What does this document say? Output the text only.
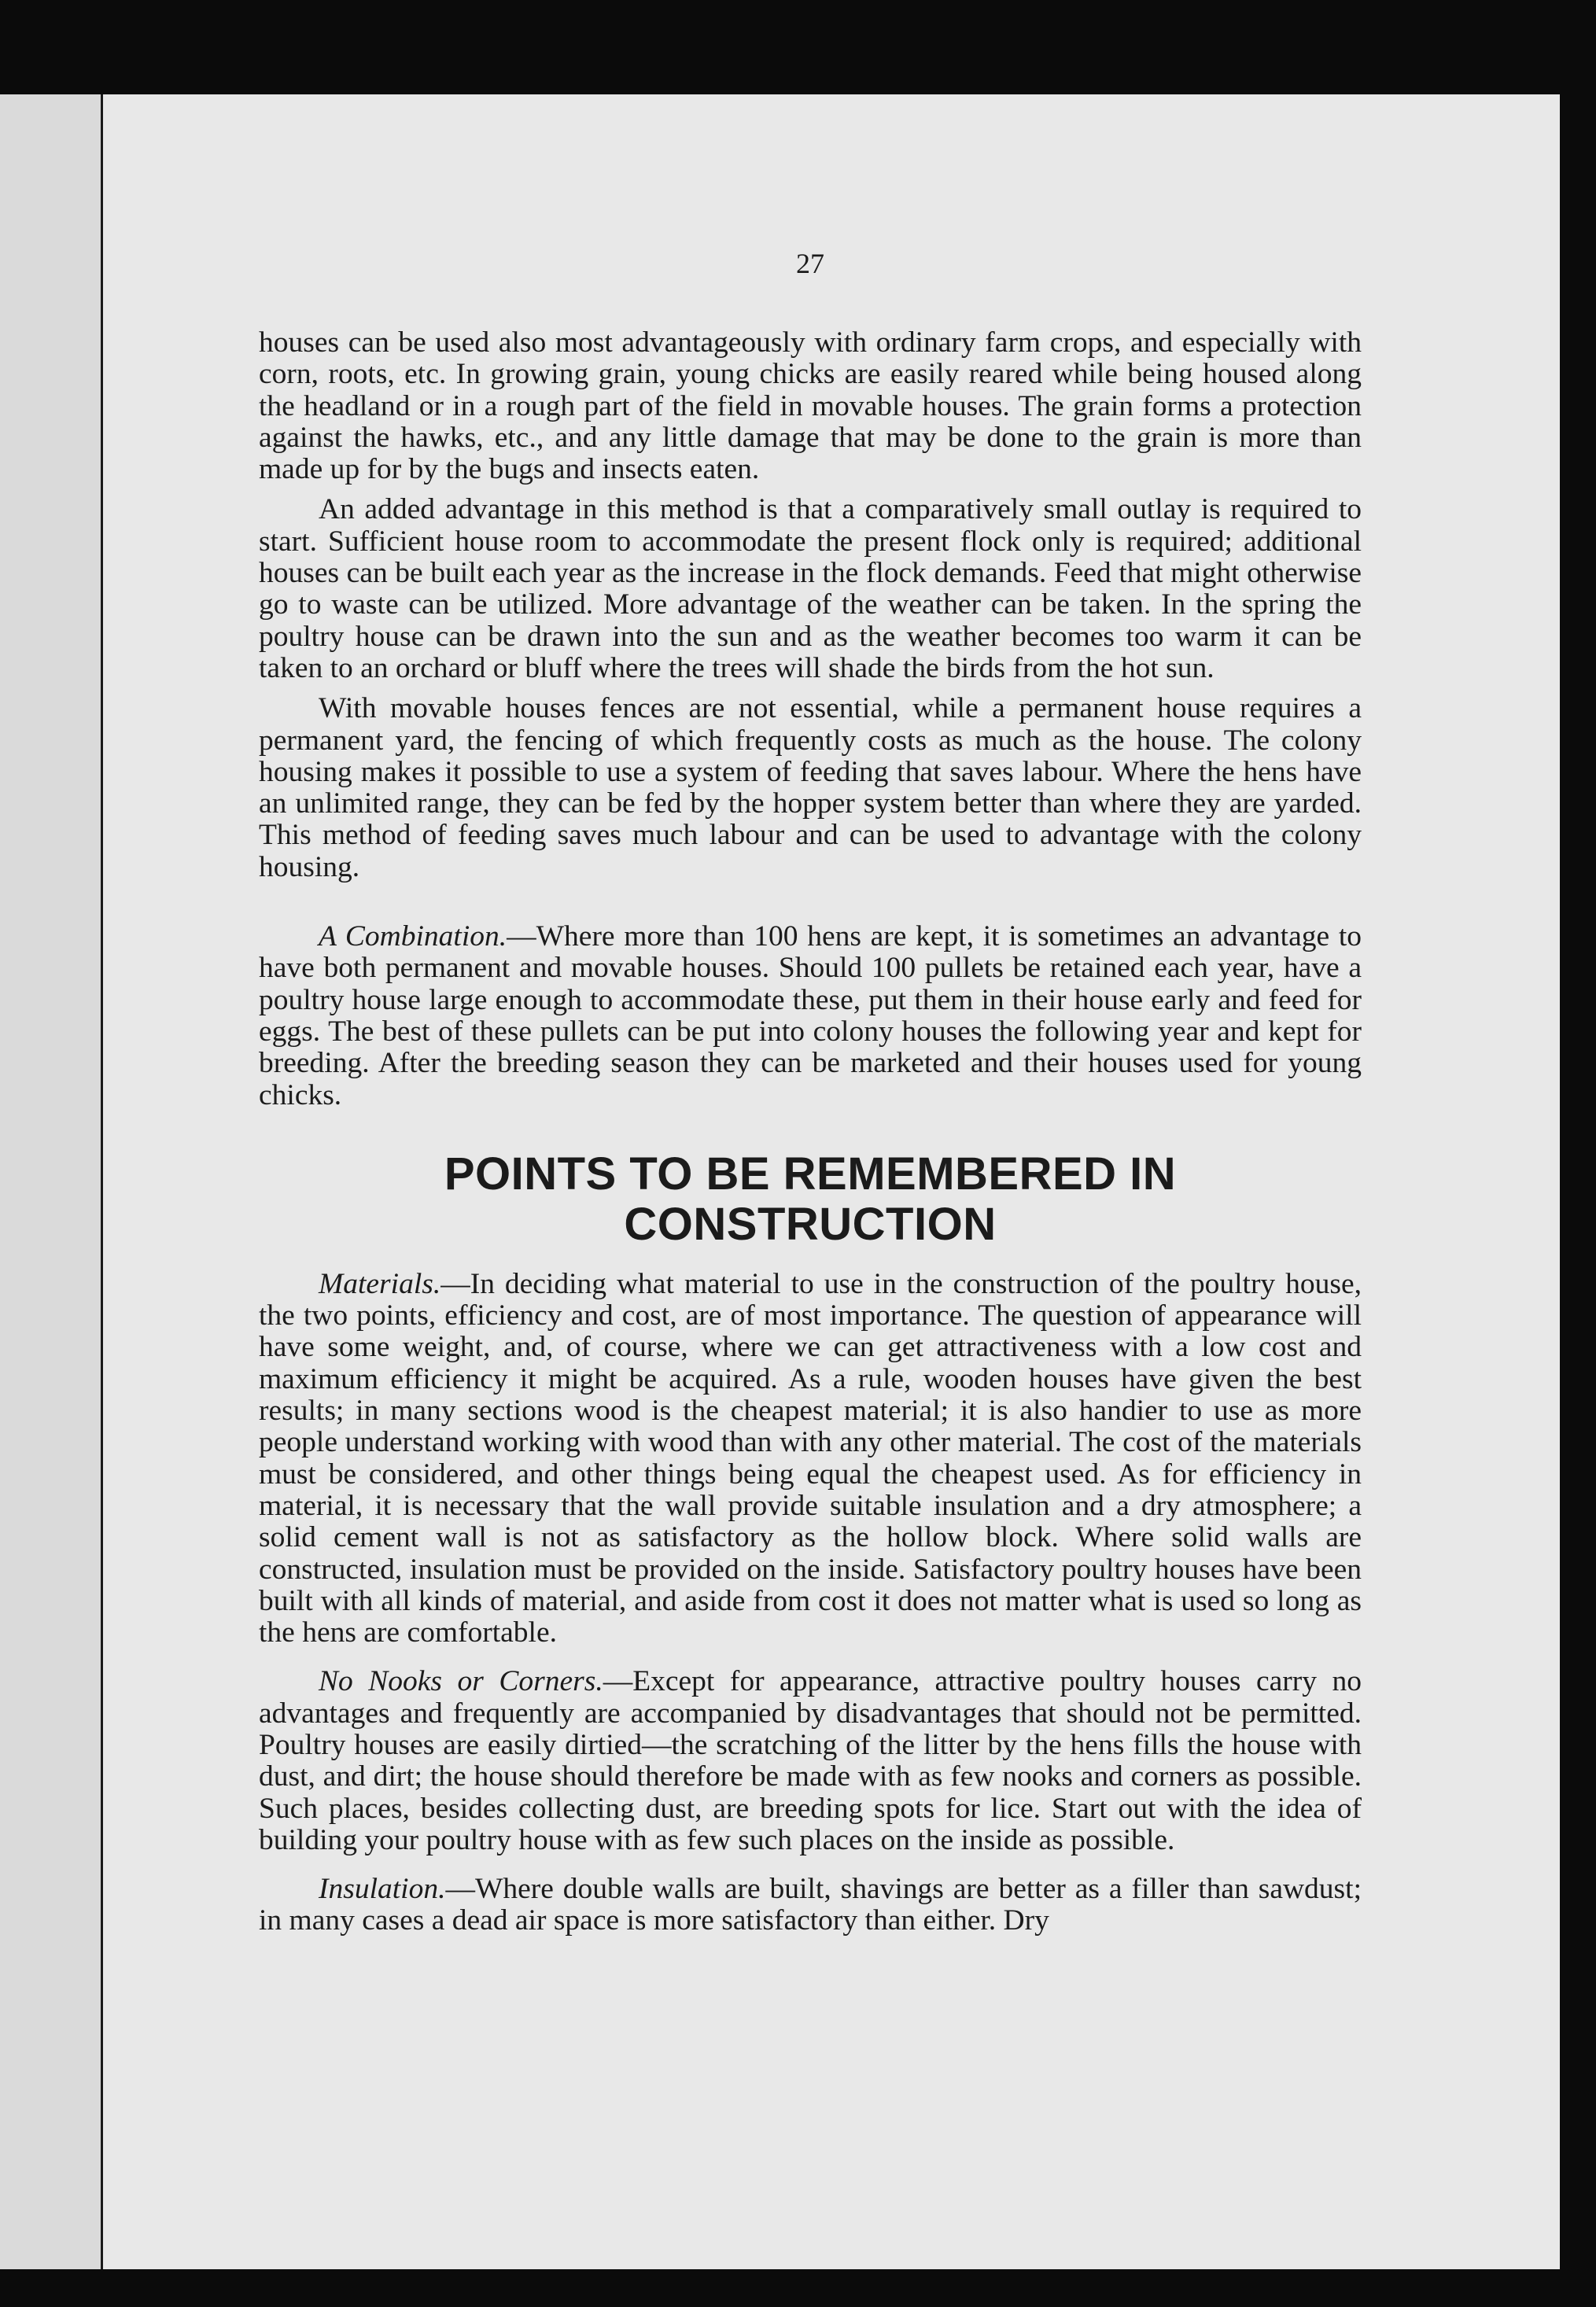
27

houses can be used also most advantageously with ordinary farm crops, and especially with corn, roots, etc. In growing grain, young chicks are easily reared while being housed along the headland or in a rough part of the field in movable houses. The grain forms a protection against the hawks, etc., and any little damage that may be done to the grain is more than made up for by the bugs and insects eaten.

An added advantage in this method is that a comparatively small outlay is required to start. Sufficient house room to accommodate the present flock only is required; additional houses can be built each year as the increase in the flock demands. Feed that might otherwise go to waste can be utilized. More advantage of the weather can be taken. In the spring the poultry house can be drawn into the sun and as the weather becomes too warm it can be taken to an orchard or bluff where the trees will shade the birds from the hot sun.

With movable houses fences are not essential, while a permanent house requires a permanent yard, the fencing of which frequently costs as much as the house. The colony housing makes it possible to use a system of feeding that saves labour. Where the hens have an unlimited range, they can be fed by the hopper system better than where they are yarded. This method of feeding saves much labour and can be used to advantage with the colony housing.

A Combination.—Where more than 100 hens are kept, it is sometimes an advantage to have both permanent and movable houses. Should 100 pullets be retained each year, have a poultry house large enough to accommodate these, put them in their house early and feed for eggs. The best of these pullets can be put into colony houses the following year and kept for breeding. After the breeding season they can be marketed and their houses used for young chicks.

POINTS TO BE REMEMBERED IN
CONSTRUCTION

Materials.—In deciding what material to use in the construction of the poultry house, the two points, efficiency and cost, are of most importance. The question of appearance will have some weight, and, of course, where we can get attractiveness with a low cost and maximum efficiency it might be acquired. As a rule, wooden houses have given the best results; in many sections wood is the cheapest material; it is also handier to use as more people understand working with wood than with any other material. The cost of the materials must be considered, and other things being equal the cheapest used. As for efficiency in material, it is necessary that the wall provide suitable insulation and a dry atmosphere; a solid cement wall is not as satisfactory as the hollow block. Where solid walls are constructed, insulation must be provided on the inside. Satisfactory poultry houses have been built with all kinds of material, and aside from cost it does not matter what is used so long as the hens are comfortable.

No Nooks or Corners.—Except for appearance, attractive poultry houses carry no advantages and frequently are accompanied by disadvantages that should not be permitted. Poultry houses are easily dirtied—the scratching of the litter by the hens fills the house with dust, and dirt; the house should therefore be made with as few nooks and corners as possible. Such places, besides collecting dust, are breeding spots for lice. Start out with the idea of building your poultry house with as few such places on the inside as possible.

Insulation.—Where double walls are built, shavings are better as a filler than sawdust; in many cases a dead air space is more satisfactory than either. Dry
